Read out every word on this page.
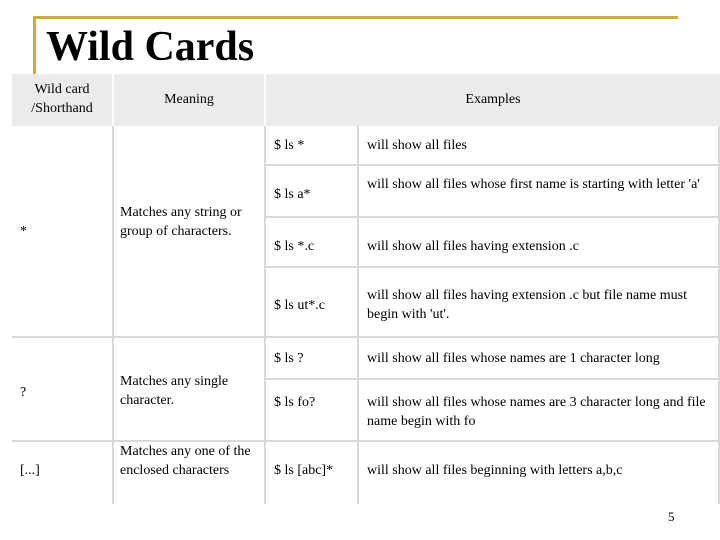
Wild Cards
Wild card /Shorthand
Meaning	Examples
*
?
[...]
Matches any string or group of characters.
Matches any single character.
Matches any one of the enclosed characters
$ ls *
$ ls a*
$ ls *.c
$ ls ut*.c
$ ls ?
$ ls fo?
$ ls [abc]*
will show all files
will show all files whose first name is starting with letter 'a'
will show all files having extension .c
will show all files having extension .c but file name must begin with 'ut'.
will show all files whose names are 1 character long
will show all files whose names are 3 character long and file name begin with fo
will show all files beginning with letters a,b,c
5
